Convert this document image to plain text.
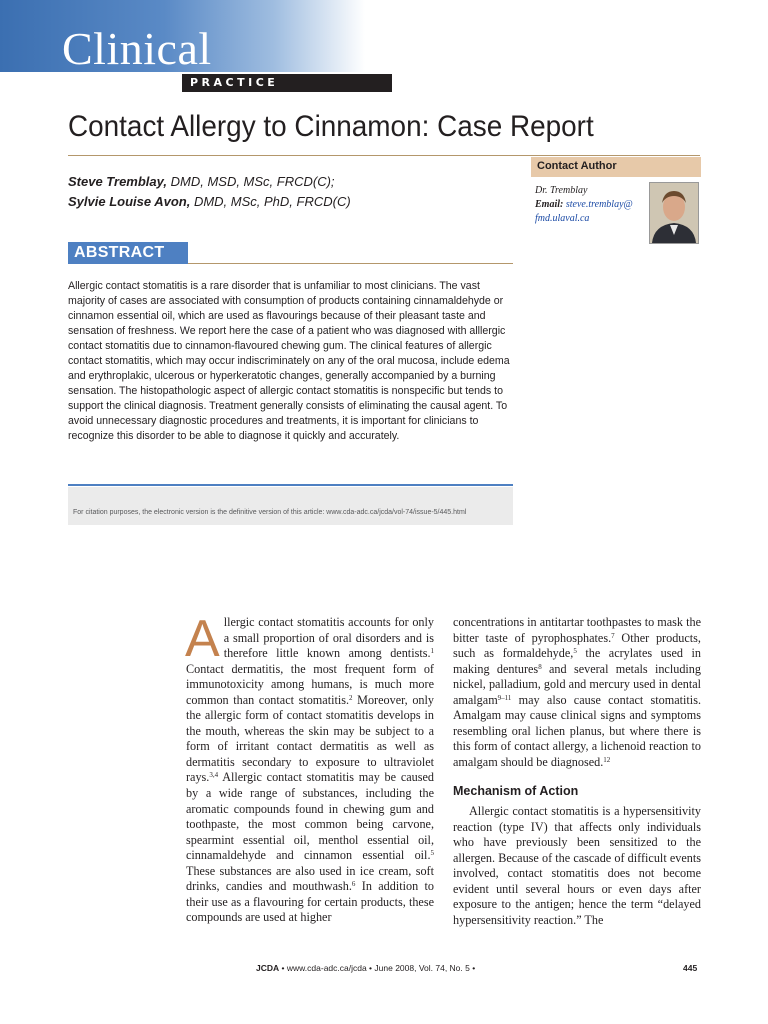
Clinical
PRACTICE
Contact Allergy to Cinnamon: Case Report
Steve Tremblay, DMD, MSD, MSc, FRCD(C);
Sylvie Louise Avon, DMD, MSc, PhD, FRCD(C)
Contact Author
Dr. Tremblay
Email: steve.tremblay@
fmd.ulaval.ca
ABSTRACT
Allergic contact stomatitis is a rare disorder that is unfamiliar to most clinicians. The vast majority of cases are associated with consumption of products containing cinnamaldehyde or cinnamon essential oil, which are used as flavourings because of their pleasant taste and sensation of freshness. We report here the case of a patient who was diagnosed with alllergic contact stomatitis due to cinnamon-flavoured chewing gum. The clinical features of allergic contact stomatitis, which may occur indiscriminately on any of the oral mucosa, include edema and erythroplakic, ulcerous or hyperkeratotic changes, generally accompanied by a burning sensation. The histopathologic aspect of allergic contact stomatitis is nonspecific but tends to support the clinical diagnosis. Treatment generally consists of eliminating the causal agent. To avoid unnecessary diagnostic procedures and treatments, it is important for clinicians to recognize this disorder to be able to diagnose it quickly and accurately.
For citation purposes, the electronic version is the definitive version of this article: www.cda-adc.ca/jcda/vol-74/issue-5/445.html
Allergic contact stomatitis accounts for only a small proportion of oral disorders and is therefore little known among dentists.$^1$ Contact dermatitis, the most frequent form of immunotoxicity among humans, is much more common than contact stomatitis.$^2$ Moreover, only the allergic form of contact stomatitis develops in the mouth, whereas the skin may be subject to a form of irritant contact dermatitis as well as dermatitis secondary to exposure to ultraviolet rays.$^{3,4}$ Allergic contact stomatitis may be caused by a wide range of substances, including the aromatic compounds found in chewing gum and toothpaste, the most common being carvone, spearmint essential oil, menthol essential oil, cinnamaldehyde and cinnamon essential oil.$^5$ These substances are also used in ice cream, soft drinks, candies and mouthwash.$^6$ In addition to their use as a flavouring for certain products, these compounds are used at higher
concentrations in antitartar toothpastes to mask the bitter taste of pyrophosphates.$^7$ Other products, such as formaldehyde,$^5$ the acrylates used in making dentures$^8$ and several metals including nickel, palladium, gold and mercury used in dental amalgam$^{9-11}$ may also cause contact stomatitis. Amalgam may cause clinical signs and symptoms resembling oral lichen planus, but where there is this form of contact allergy, a lichenoid reaction to amalgam should be diagnosed.$^{12}$
Mechanism of Action
Allergic contact stomatitis is a hypersensitivity reaction (type IV) that affects only individuals who have previously been sensitized to the allergen. Because of the cascade of difficult events involved, contact stomatitis does not become evident until several hours or even days after exposure to the antigen; hence the term “delayed hypersensitivity reaction.” The
JCDA • www.cda-adc.ca/jcda • June 2008, Vol. 74, No. 5 •	445
